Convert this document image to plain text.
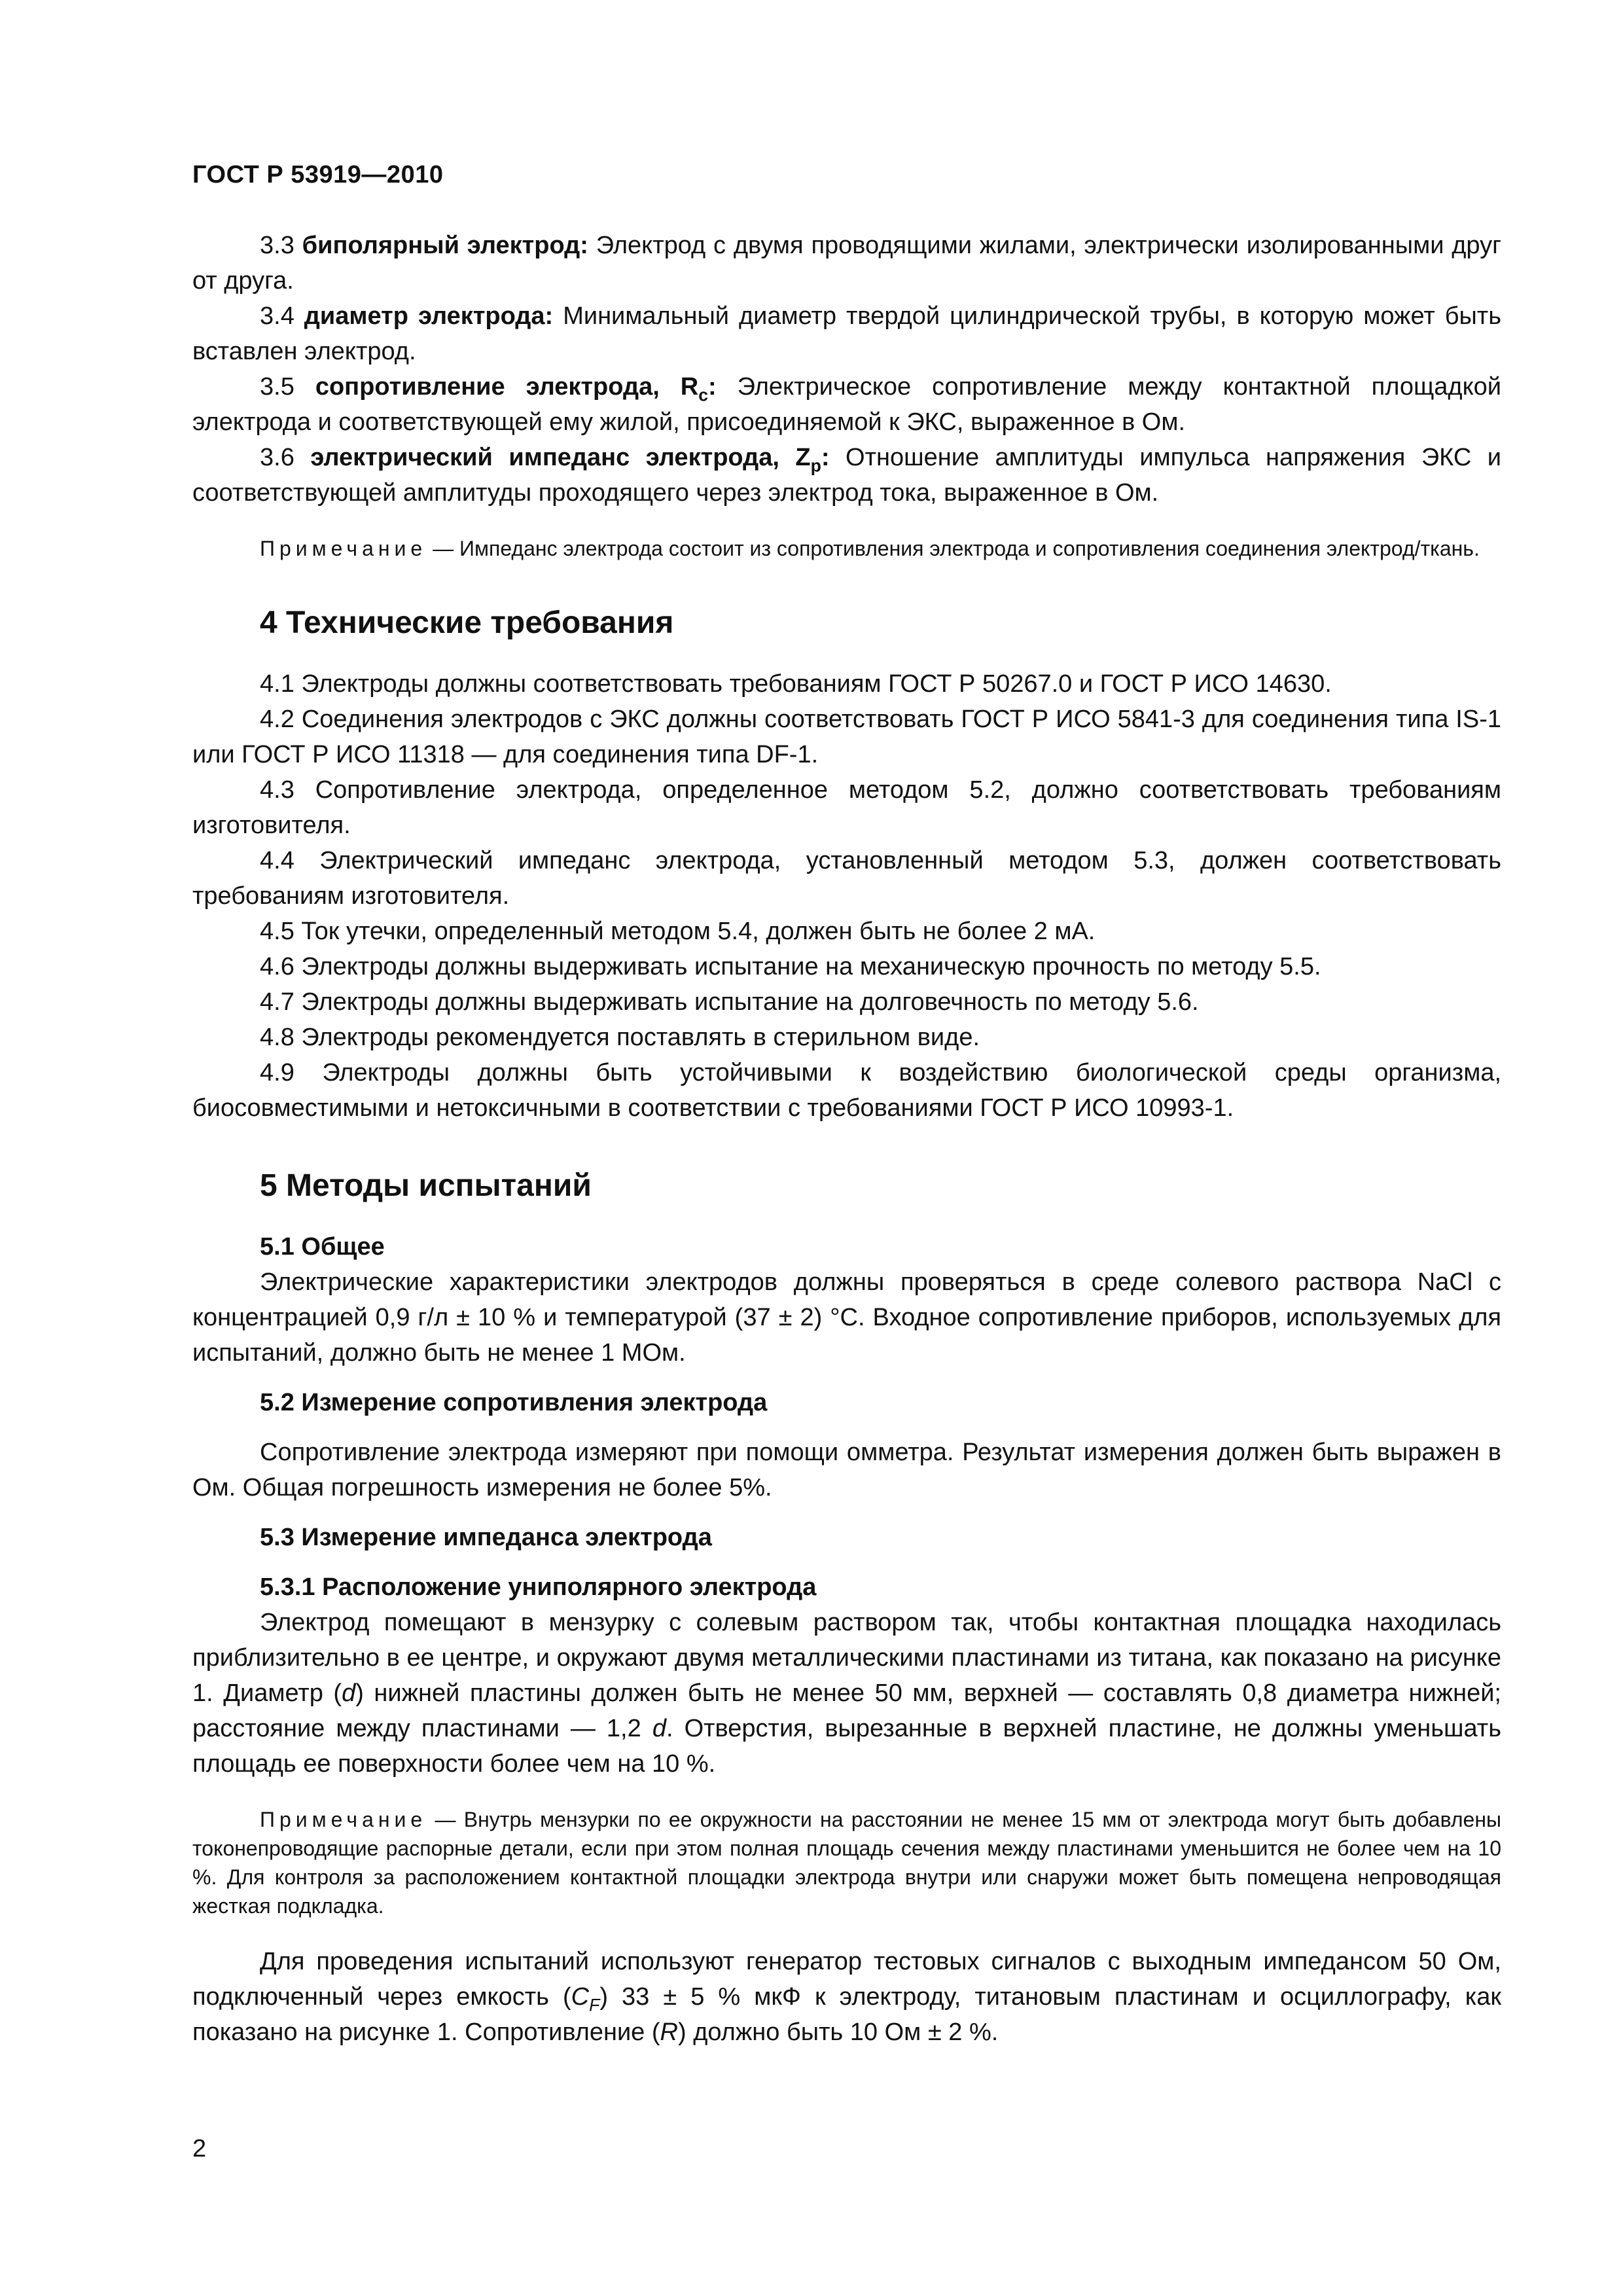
ГОСТ Р 53919—2010

3.3 биполярный электрод: Электрод с двумя проводящими жилами, электрически изолированными друг от друга.

3.4 диаметр электрода: Минимальный диаметр твердой цилиндрической трубы, в которую может быть вставлен электрод.

3.5 сопротивление электрода, $R_c$: Электрическое сопротивление между контактной площадкой электрода и соответствующей ему жилой, присоединяемой к ЭКС, выраженное в Ом.

3.6 электрический импеданс электрода, $Z_p$: Отношение амплитуды импульса напряжения ЭКС и соответствующей амплитуды проходящего через электрод тока, выраженное в Ом.

Примечание — Импеданс электрода состоит из сопротивления электрода и сопротивления соединения электрод/ткань.

4 Технические требования

4.1 Электроды должны соответствовать требованиям ГОСТ Р 50267.0 и ГОСТ Р ИСО 14630.

4.2 Соединения электродов с ЭКС должны соответствовать ГОСТ Р ИСО 5841-3 для соединения типа IS-1 или ГОСТ Р ИСО 11318 — для соединения типа DF-1.

4.3 Сопротивление электрода, определенное методом 5.2, должно соответствовать требованиям изготовителя.

4.4 Электрический импеданс электрода, установленный методом 5.3, должен соответствовать требованиям изготовителя.

4.5 Ток утечки, определенный методом 5.4, должен быть не более 2 мА.

4.6 Электроды должны выдерживать испытание на механическую прочность по методу 5.5.

4.7 Электроды должны выдерживать испытание на долговечность по методу 5.6.

4.8 Электроды рекомендуется поставлять в стерильном виде.

4.9 Электроды должны быть устойчивыми к воздействию биологической среды организма, биосовместимыми и нетоксичными в соответствии с требованиями ГОСТ Р ИСО 10993-1.

5 Методы испытаний
5.1 Общее

Электрические характеристики электродов должны проверяться в среде солевого раствора NaCl с концентрацией 0,9 г/л ± 10 % и температурой (37 ± 2) °С. Входное сопротивление приборов, используемых для испытаний, должно быть не менее 1 МОм.

5.2 Измерение сопротивления электрода

Сопротивление электрода измеряют при помощи омметра. Результат измерения должен быть выражен в Ом. Общая погрешность измерения не более 5%.

5.3 Измерение импеданса электрода
5.3.1 Расположение униполярного электрода

Электрод помещают в мензурку с солевым раствором так, чтобы контактная площадка находилась приблизительно в ее центре, и окружают двумя металлическими пластинами из титана, как показано на рисунке 1. Диаметр (d) нижней пластины должен быть не менее 50 мм, верхней — составлять 0,8 диаметра нижней; расстояние между пластинами — 1,2 d. Отверстия, вырезанные в верхней пластине, не должны уменьшать площадь ее поверхности более чем на 10 %.

Примечание — Внутрь мензурки по ее окружности на расстоянии не менее 15 мм от электрода могут быть добавлены токонепроводящие распорные детали, если при этом полная площадь сечения между пластинами уменьшится не более чем на 10 %. Для контроля за расположением контактной площадки электрода внутри или снаружи может быть помещена непроводящая жесткая подкладка.

Для проведения испытаний используют генератор тестовых сигналов с выходным импедансом 50 Ом, подключенный через емкость $(C_F) 33 \pm 5$ % мкФ к электроду, титановым пластинам и осциллографу, как показано на рисунке 1. Сопротивление (R) должно быть 10 Ом ± 2 %.

2
